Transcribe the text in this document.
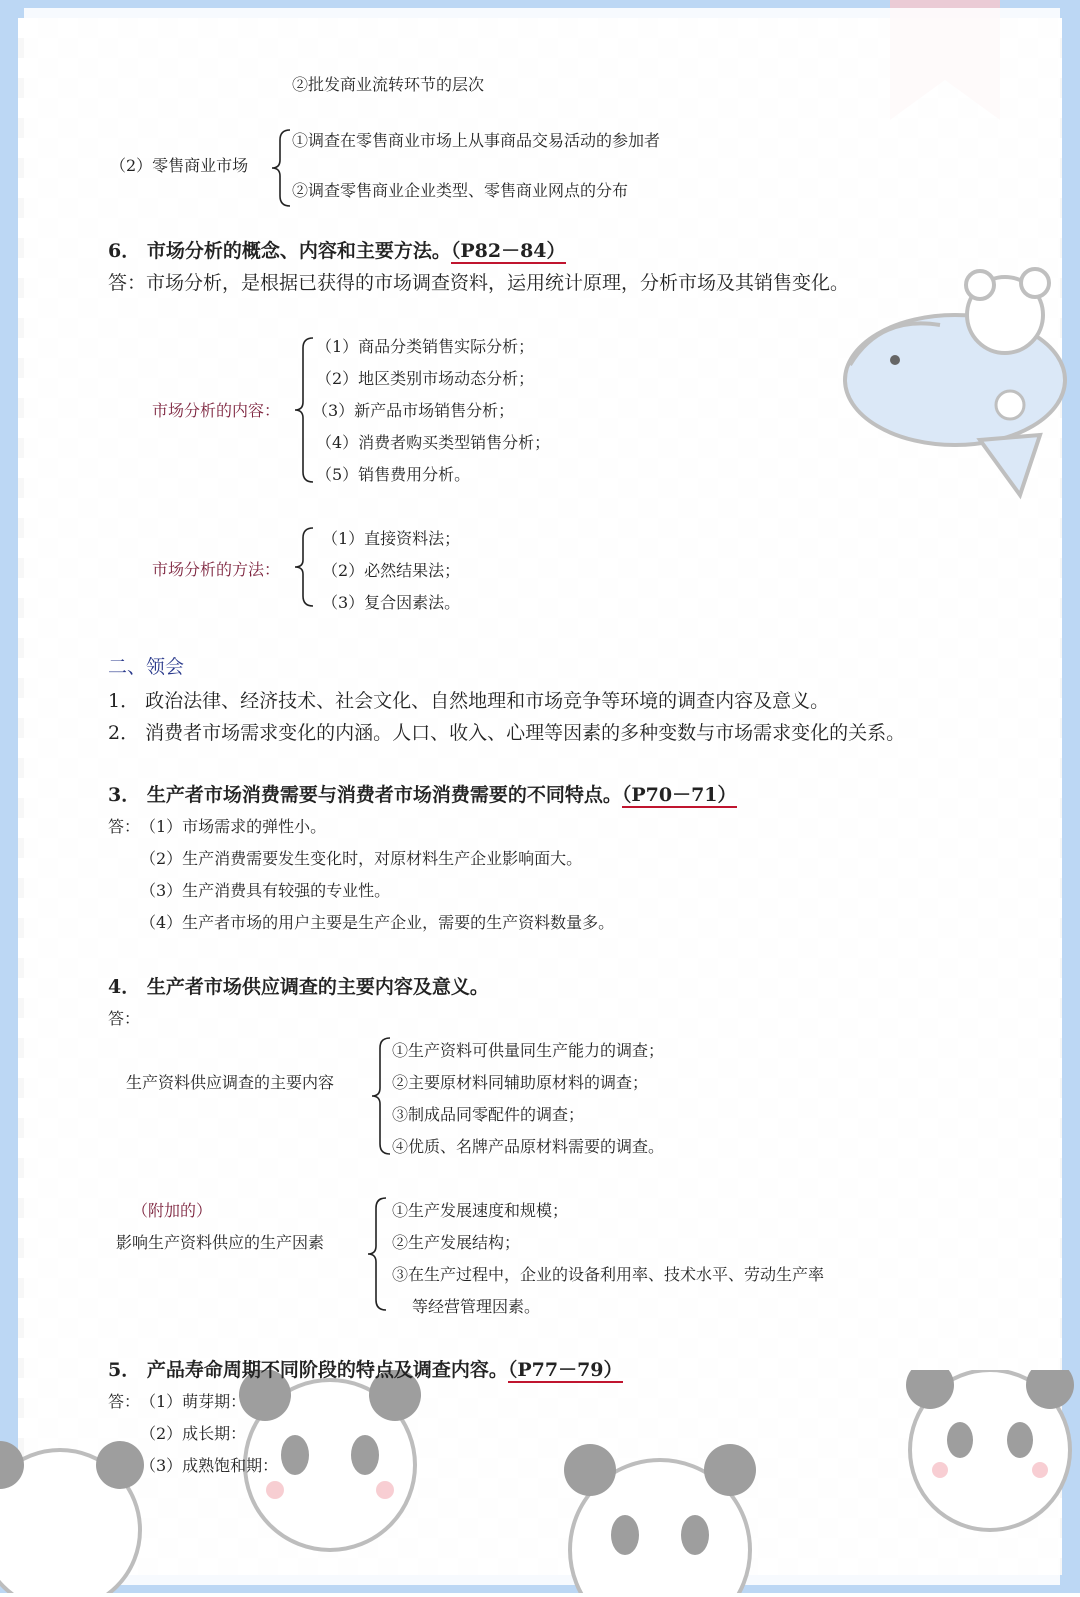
②批发商业流转环节的层次
（2）零售商业市场
①调查在零售商业市场上从事商品交易活动的参加者
②调查零售商业企业类型、零售商业网点的分布
6． 市场分析的概念、内容和主要方法。（P82－84）
答：市场分析，是根据已获得的市场调查资料，运用统计原理，分析市场及其销售变化。
市场分析的内容：
（1）商品分类销售实际分析；
（2）地区类别市场动态分析；
（3）新产品市场销售分析；
（4）消费者购买类型销售分析；
（5）销售费用分析。
市场分析的方法：
（1）直接资料法；
（2）必然结果法；
（3）复合因素法。
二、领会
1． 政治法律、经济技术、社会文化、自然地理和市场竞争等环境的调查内容及意义。
2． 消费者市场需求变化的内涵。人口、收入、心理等因素的多种变数与市场需求变化的关系。
3． 生产者市场消费需要与消费者市场消费需要的不同特点。（P70－71）
答： （1）市场需求的弹性小。
（2）生产消费需要发生变化时，对原材料生产企业影响面大。
（3）生产消费具有较强的专业性。
（4）生产者市场的用户主要是生产企业，需要的生产资料数量多。
4． 生产者市场供应调查的主要内容及意义。
答：
生产资料供应调查的主要内容
①生产资料可供量同生产能力的调查；
②主要原材料同辅助原材料的调查；
③制成品同零配件的调查；
④优质、名牌产品原材料需要的调查。
（附加的）
影响生产资料供应的生产因素
①生产发展速度和规模；
②生产发展结构；
③在生产过程中，企业的设备利用率、技术水平、劳动生产率
等经营管理因素。
5． 产品寿命周期不同阶段的特点及调查内容。（P77－79）
答： （1）萌芽期：
（2）成长期：
（3）成熟饱和期：
